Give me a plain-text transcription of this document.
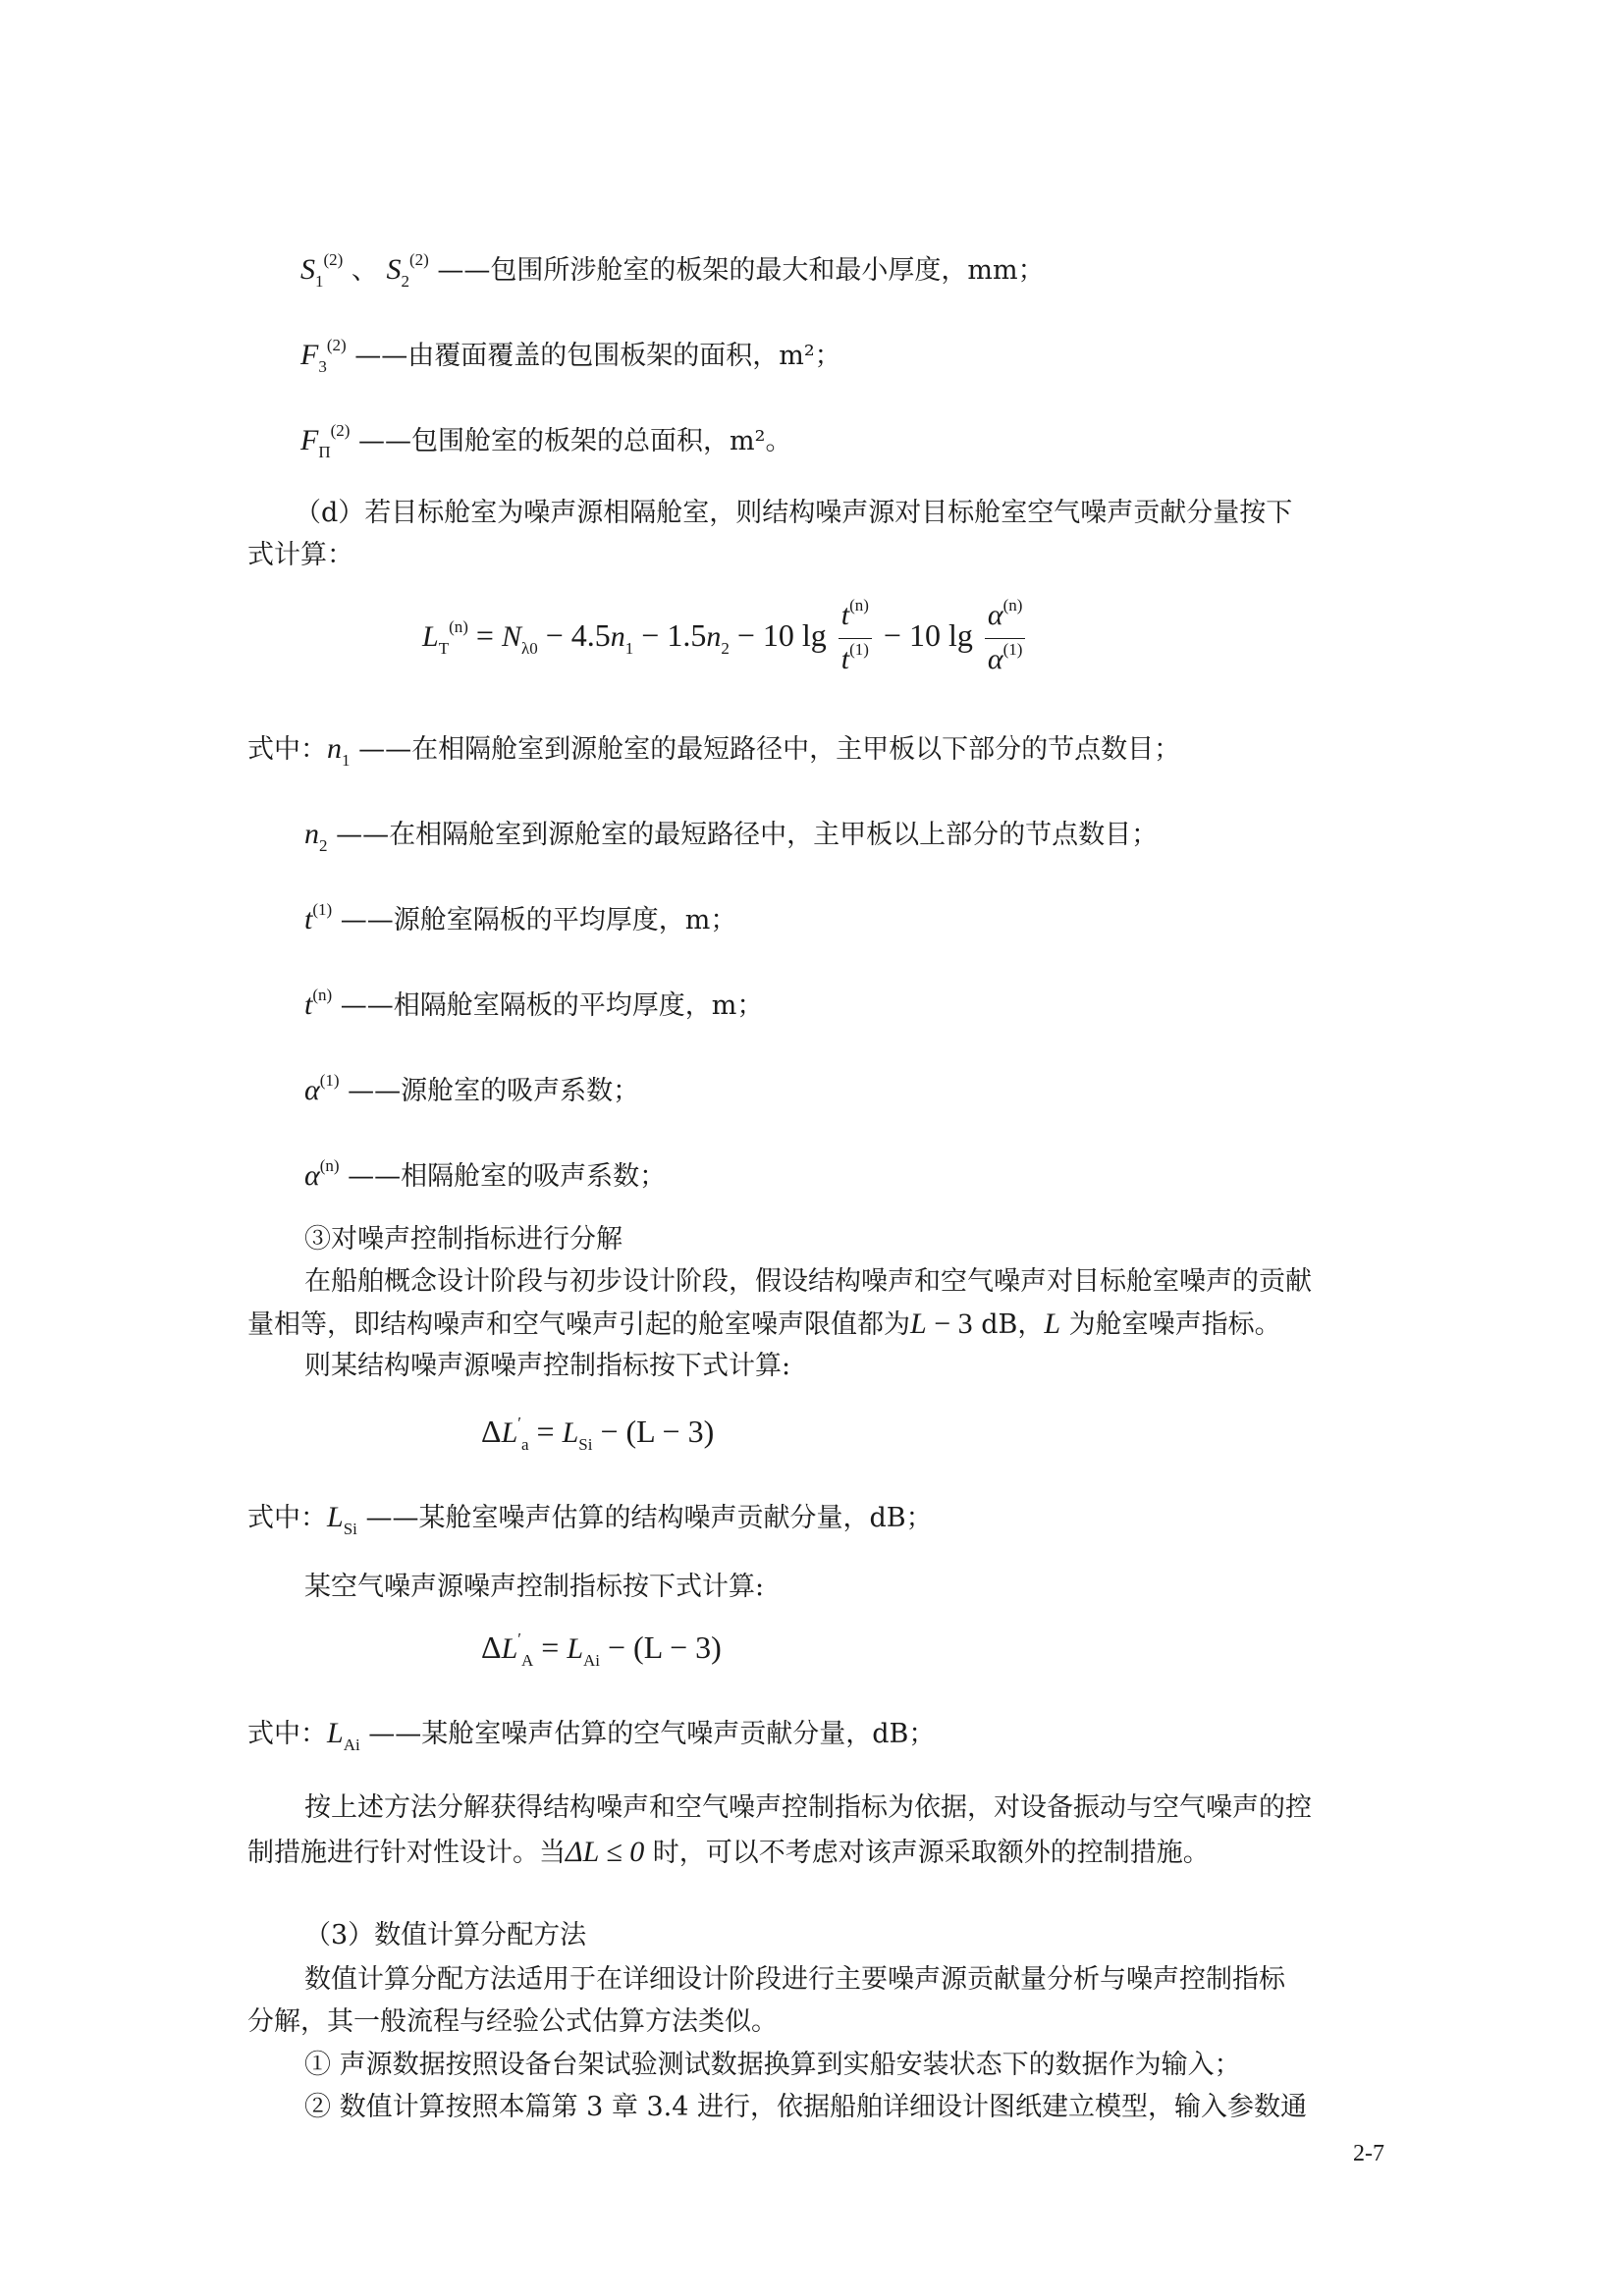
$S_1^{(2)}$ 、 $S_2^{(2)}$ ——包围所涉舱室的板架的最大和最小厚度，mm；
$F_3^{(2)}$ ——由覆面覆盖的包围板架的面积，m²；
$F_\Pi^{(2)}$ ——包围舱室的板架的总面积，m²。
（d）若目标舱室为噪声源相隔舱室，则结构噪声源对目标舱室空气噪声贡献分量按下
式计算：
$L_T^{(n)} = N_{\lambda 0} - 4.5n_1 - 1.5n_2 - 10$ $\lg \frac{t^{(n)}}{t^{(1)}} - 10$ $\lg \frac{\alpha^{(n)}}{\alpha^{(1)}}$
式中：$n_1$ ——在相隔舱室到源舱室的最短路径中，主甲板以下部分的节点数目；
$n_2$ ——在相隔舱室到源舱室的最短路径中，主甲板以上部分的节点数目；
$t^{(1)}$ ——源舱室隔板的平均厚度，m；
$t^{(n)}$ ——相隔舱室隔板的平均厚度，m；
$\alpha^{(1)}$ ——源舱室的吸声系数；
$\alpha^{(n)}$ ——相隔舱室的吸声系数；
③对噪声控制指标进行分解
在船舶概念设计阶段与初步设计阶段，假设结构噪声和空气噪声对目标舱室噪声的贡献
量相等，即结构噪声和空气噪声引起的舱室噪声限值都为L − 3 dB，L 为舱室噪声指标。
则某结构噪声源噪声控制指标按下式计算:
$\Delta L'_a = L_{Si} - (L - 3)$
式中：$L_{Si}$ ——某舱室噪声估算的结构噪声贡献分量，dB；
某空气噪声源噪声控制指标按下式计算:
$\Delta L'_A = L_{Ai} - (L - 3)$
式中：$L_{Ai}$ ——某舱室噪声估算的空气噪声贡献分量，dB；
按上述方法分解获得结构噪声和空气噪声控制指标为依据，对设备振动与空气噪声的控
制措施进行针对性设计。当ΔL ≤ 0 时，可以不考虑对该声源采取额外的控制措施。
（3）数值计算分配方法
数值计算分配方法适用于在详细设计阶段进行主要噪声源贡献量分析与噪声控制指标
分解，其一般流程与经验公式估算方法类似。
① 声源数据按照设备台架试验测试数据换算到实船安装状态下的数据作为输入；
② 数值计算按照本篇第 3 章 3.4 进行，依据船舶详细设计图纸建立模型，输入参数通
2-7
